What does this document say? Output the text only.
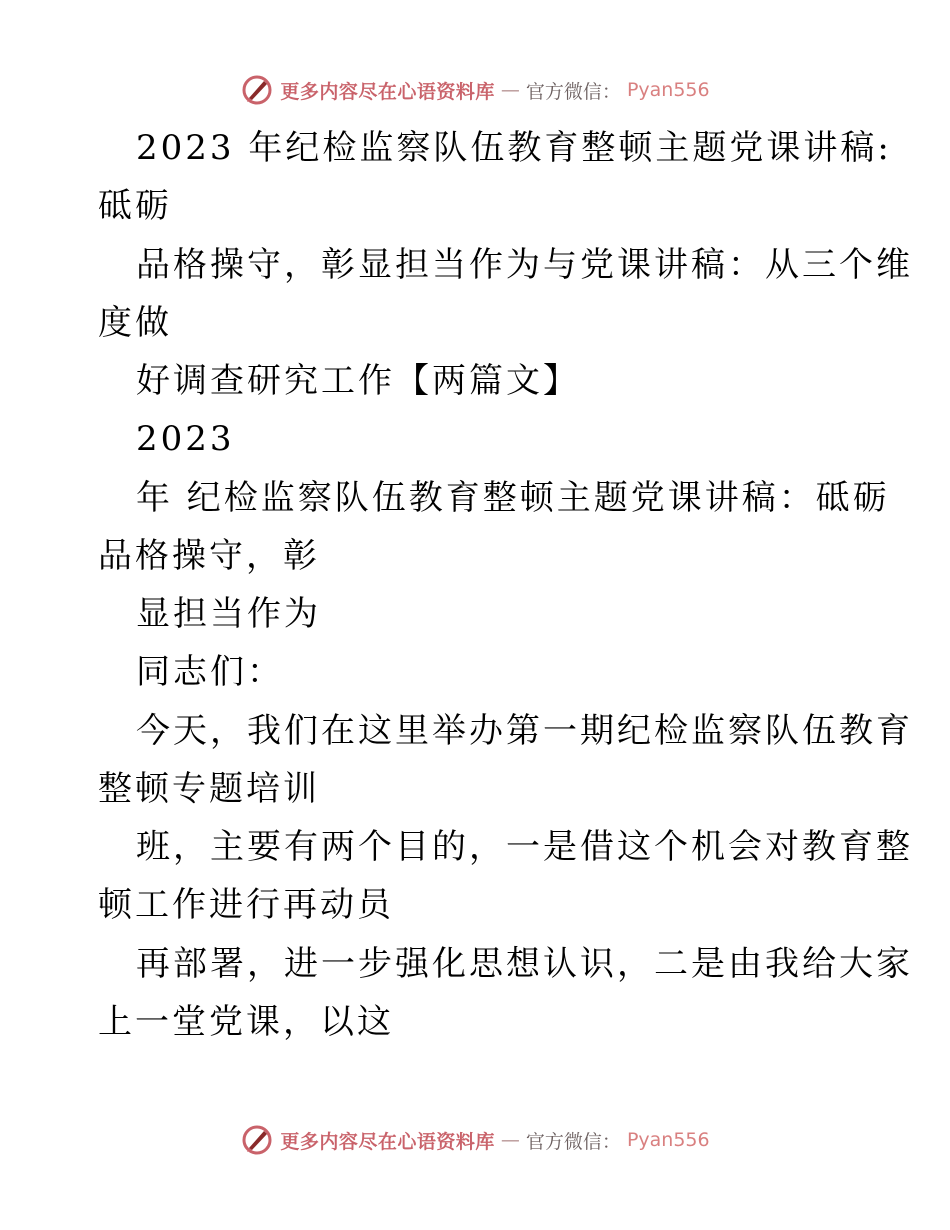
更多内容尽在心语资料库 — 官方微信： Pyan556
2023 年纪检监察队伍教育整顿主题党课讲稿:
砥砺
品格操守，彰显担当作为与党课讲稿：从三个维
度做
好调查研究工作【两篇文】
2023
年 纪检监察队伍教育整顿主题党课讲稿：砥砺
品格操守，彰
显担当作为
同志们：
今天，我们在这里举办第一期纪检监察队伍教育
整顿专题培训
班，主要有两个目的，一是借这个机会对教育整
顿工作进行再动员
再部署，进一步强化思想认识，二是由我给大家
上一堂党课，以这
更多内容尽在心语资料库 — 官方微信： Pyan556
